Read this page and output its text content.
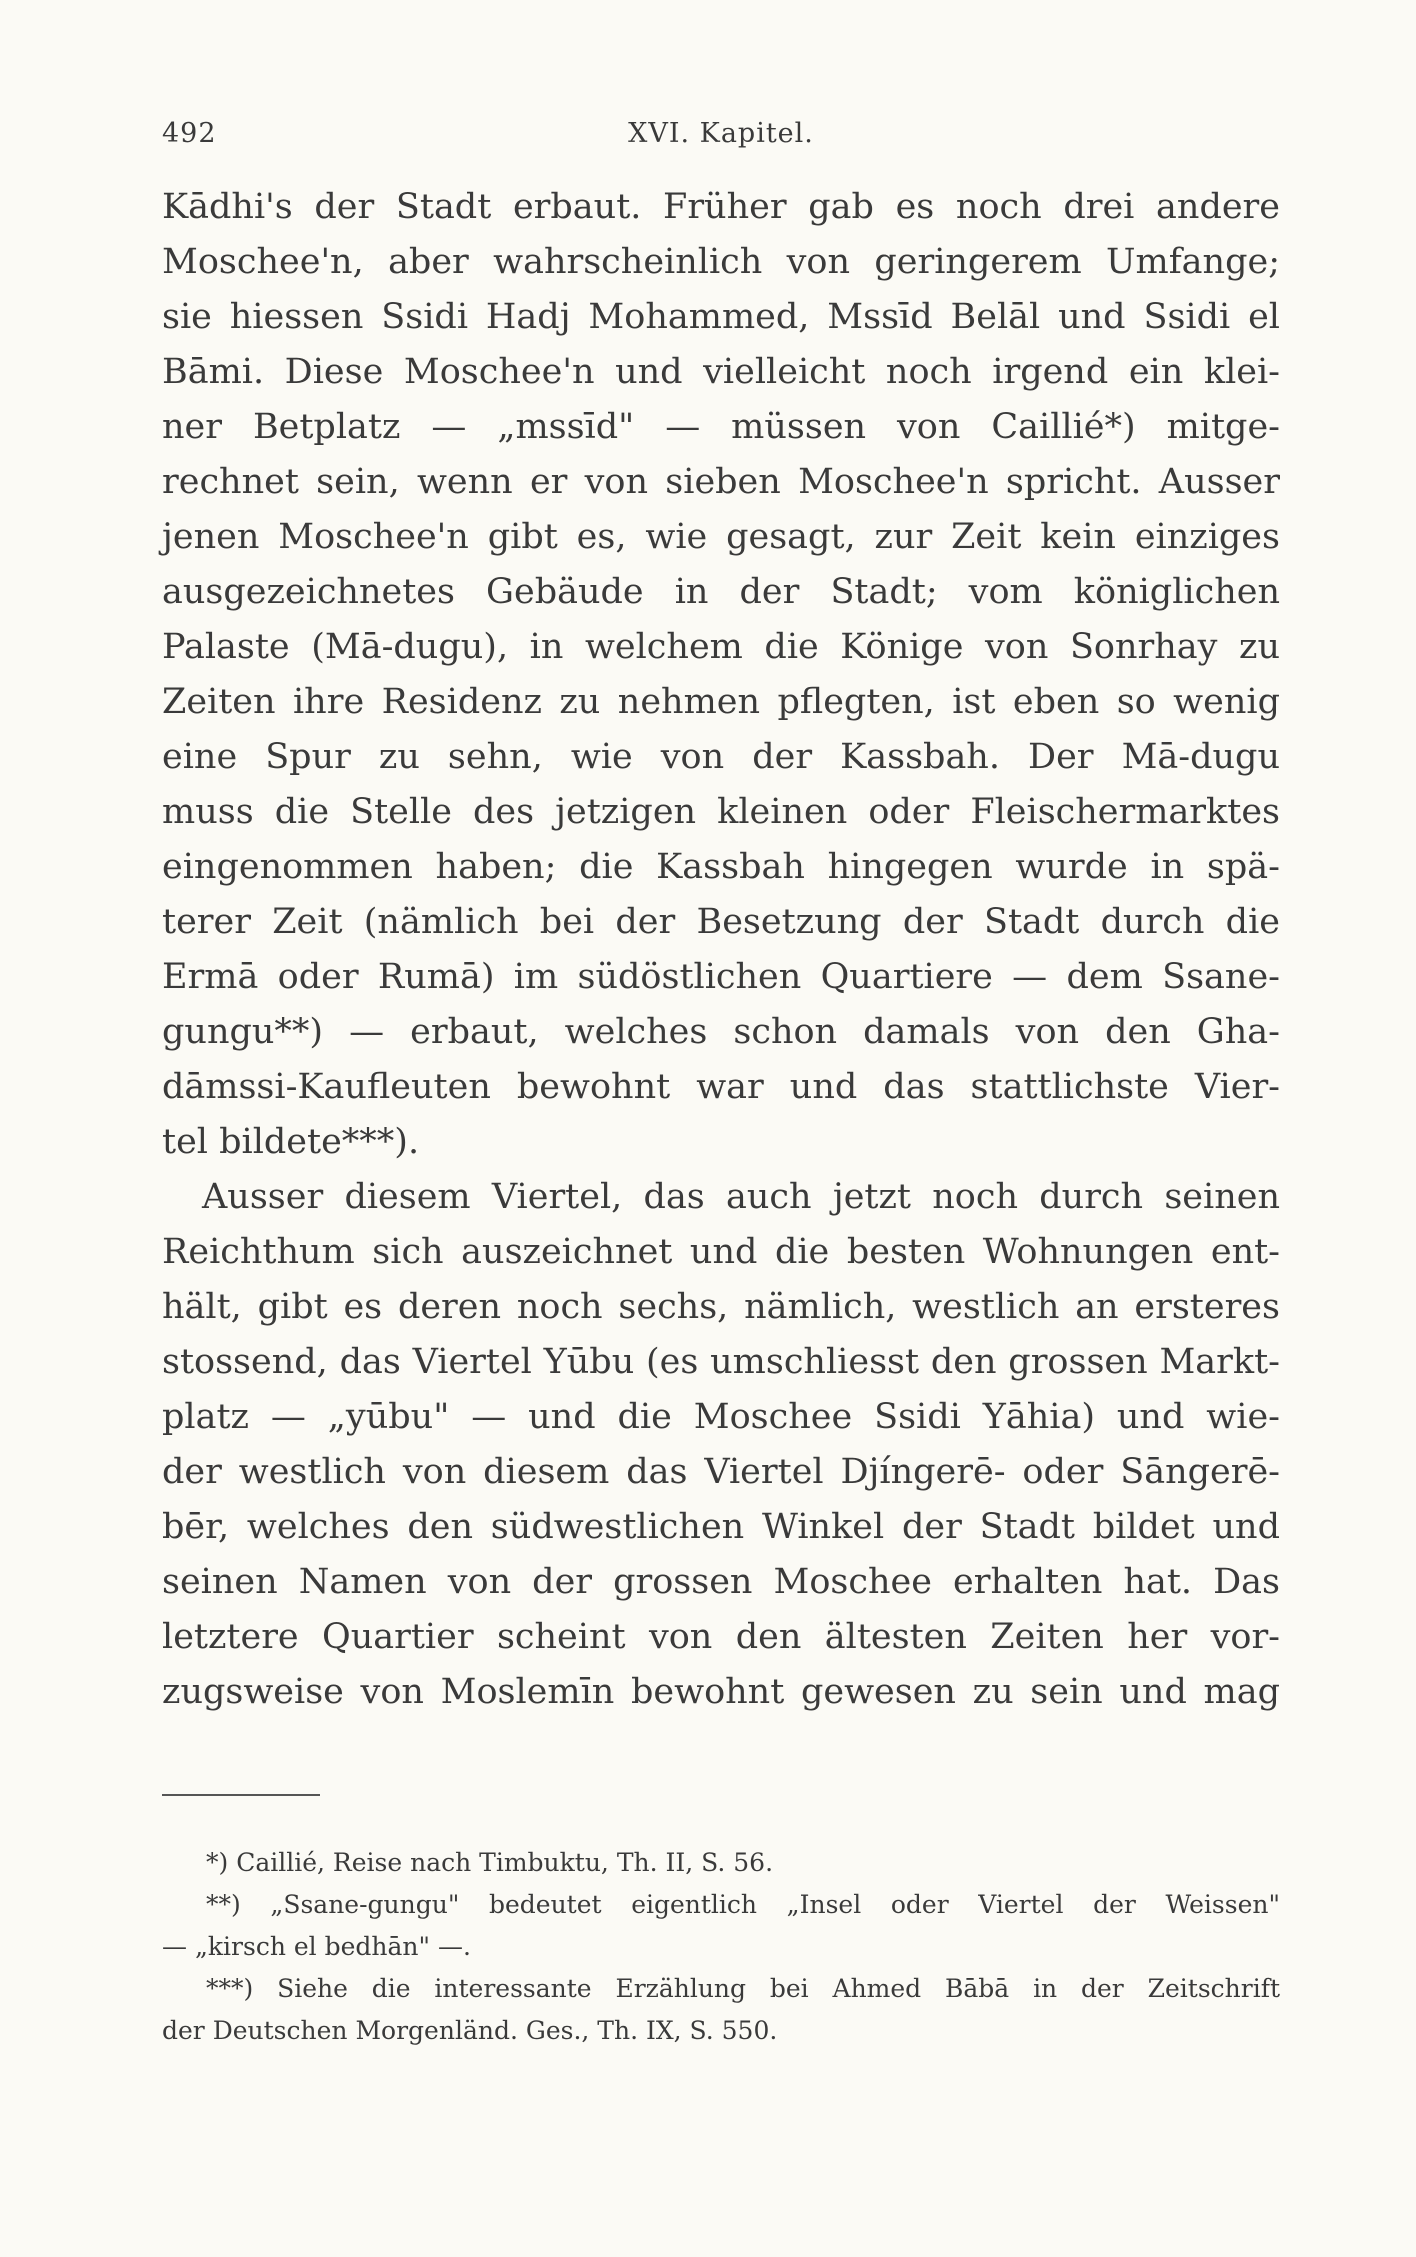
492	XVI. Kapitel.
Kādhi's der Stadt erbaut. Früher gab es noch drei andere
Moschee'n, aber wahrscheinlich von geringerem Umfange;
sie hiessen Ssidi Hadj Mohammed, Mssīd Belāl und Ssidi el
Bāmi. Diese Moschee'n und vielleicht noch irgend ein klei-
ner Betplatz — „mssīd" — müssen von Caillié*) mitge-
rechnet sein, wenn er von sieben Moschee'n spricht. Ausser
jenen Moschee'n gibt es, wie gesagt, zur Zeit kein einziges
ausgezeichnetes Gebäude in der Stadt; vom königlichen
Palaste (Mā-dugu), in welchem die Könige von Sonrhay zu
Zeiten ihre Residenz zu nehmen pflegten, ist eben so wenig
eine Spur zu sehn, wie von der Kassbah. Der Mā-dugu
muss die Stelle des jetzigen kleinen oder Fleischermarktes
eingenommen haben; die Kassbah hingegen wurde in spä-
terer Zeit (nämlich bei der Besetzung der Stadt durch die
Ermā oder Rumā) im südöstlichen Quartiere — dem Ssane-
gungu**) — erbaut, welches schon damals von den Gha-
dāmssi-Kaufleuten bewohnt war und das stattlichste Vier-
tel bildete***).
Ausser diesem Viertel, das auch jetzt noch durch seinen
Reichthum sich auszeichnet und die besten Wohnungen ent-
hält, gibt es deren noch sechs, nämlich, westlich an ersteres
stossend, das Viertel Yūbu (es umschliesst den grossen Markt-
platz — „yūbu" — und die Moschee Ssidi Yāhia) und wie-
der westlich von diesem das Viertel Djíngerē- oder Sāngerē-
bēr, welches den südwestlichen Winkel der Stadt bildet und
seinen Namen von der grossen Moschee erhalten hat. Das
letztere Quartier scheint von den ältesten Zeiten her vor-
zugsweise von Moslemīn bewohnt gewesen zu sein und mag
*) Caillié, Reise nach Timbuktu, Th. II, S. 56.
**) „Ssane-gungu" bedeutet eigentlich „Insel oder Viertel der Weissen"
— „kirsch el bedhān" —.
***) Siehe die interessante Erzählung bei Ahmed Bābā in der Zeitschrift
der Deutschen Morgenländ. Ges., Th. IX, S. 550.
